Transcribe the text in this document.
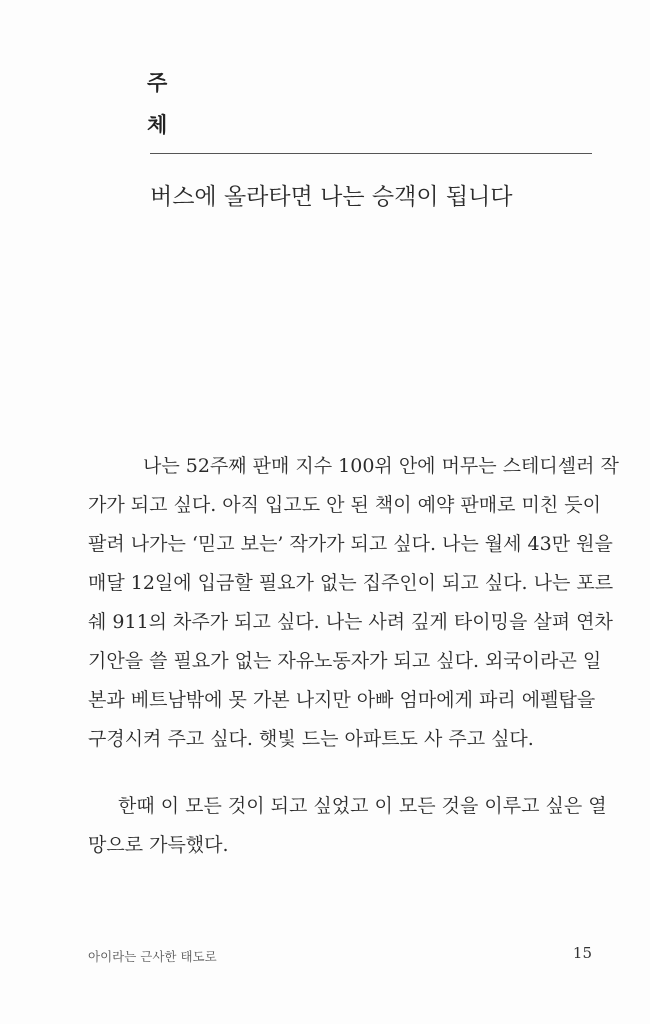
주
체
버스에 올라타면 나는 승객이 됩니다
나는 52주째 판매 지수 100위 안에 머무는 스테디셀러 작
가가 되고 싶다. 아직 입고도 안 된 책이 예약 판매로 미친 듯이
팔려 나가는 ‘믿고 보는’ 작가가 되고 싶다. 나는 월세 43만 원을
매달 12일에 입금할 필요가 없는 집주인이 되고 싶다. 나는 포르
쉐 911의 차주가 되고 싶다. 나는 사려 깊게 타이밍을 살펴 연차
기안을 쓸 필요가 없는 자유노동자가 되고 싶다. 외국이라곤 일
본과 베트남밖에 못 가본 나지만 아빠 엄마에게 파리 에펠탑을
구경시켜 주고 싶다. 햇빛 드는 아파트도 사 주고 싶다.
한때 이 모든 것이 되고 싶었고 이 모든 것을 이루고 싶은 열
망으로 가득했다.
아이라는 근사한 태도로	15
